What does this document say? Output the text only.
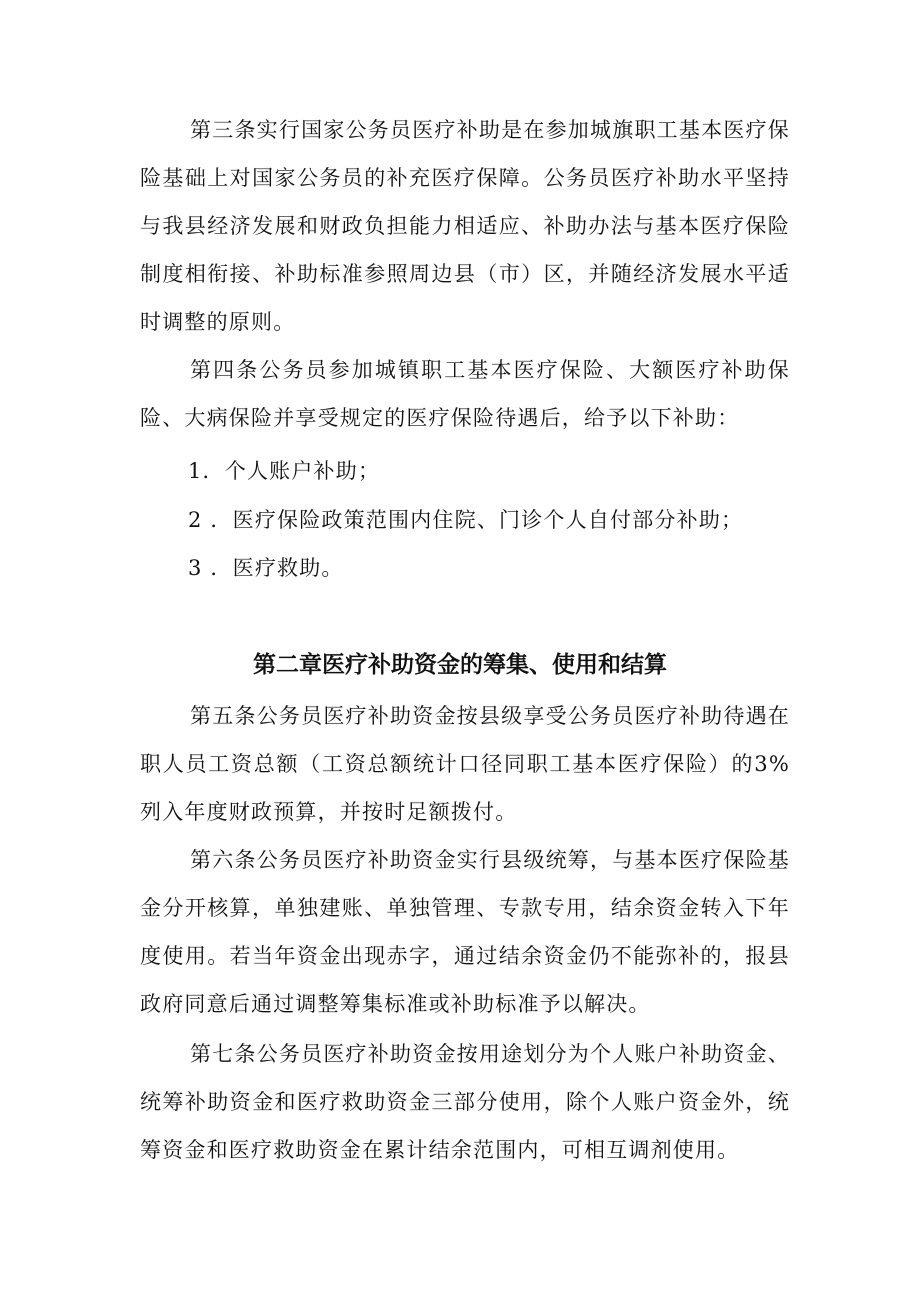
第三条实行国家公务员医疗补助是在参加城旗职工基本医疗保险基础上对国家公务员的补充医疗保障。公务员医疗补助水平坚持与我县经济发展和财政负担能力相适应、补助办法与基本医疗保险制度相衔接、补助标准参照周边县（市）区，并随经济发展水平适时调整的原则。

第四条公务员参加城镇职工基本医疗保险、大额医疗补助保险、大病保险并享受规定的医疗保险待遇后，给予以下补助：

1．个人账户补助；

2 ．医疗保险政策范围内住院、门诊个人自付部分补助；

3 ．医疗救助。

第二章医疗补助资金的筹集、使用和结算

第五条公务员医疗补助资金按县级享受公务员医疗补助待遇在职人员工资总额（工资总额统计口径同职工基本医疗保险）的3%列入年度财政预算，并按时足额拨付。

第六条公务员医疗补助资金实行县级统筹，与基本医疗保险基金分开核算，单独建账、单独管理、专款专用，结余资金转入下年度使用。若当年资金出现赤字，通过结余资金仍不能弥补的，报县政府同意后通过调整筹集标准或补助标准予以解决。

第七条公务员医疗补助资金按用途划分为个人账户补助资金、统筹补助资金和医疗救助资金三部分使用，除个人账户资金外，统筹资金和医疗救助资金在累计结余范围内，可相互调剂使用。
